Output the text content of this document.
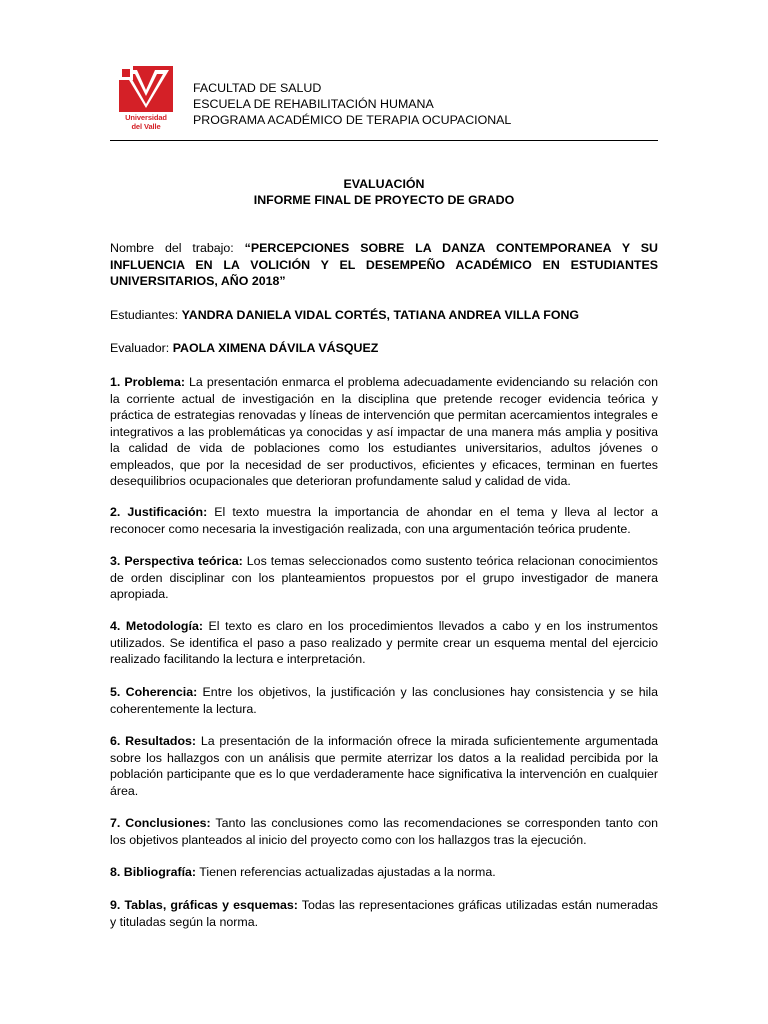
Universidad
del Valle
FACULTAD DE SALUD
ESCUELA DE REHABILITACIÓN HUMANA
PROGRAMA ACADÉMICO DE TERAPIA OCUPACIONAL
EVALUACIÓN
INFORME FINAL DE PROYECTO DE GRADO
Nombre del trabajo: “PERCEPCIONES SOBRE LA DANZA CONTEMPORANEA Y SU INFLUENCIA EN LA VOLICIÓN Y EL DESEMPEÑO ACADÉMICO EN ESTUDIANTES UNIVERSITARIOS, AÑO 2018”
Estudiantes: YANDRA DANIELA VIDAL CORTÉS, TATIANA ANDREA VILLA FONG
Evaluador: PAOLA XIMENA DÁVILA VÁSQUEZ
1. Problema: La presentación enmarca el problema adecuadamente evidenciando su relación con la corriente actual de investigación en la disciplina que pretende recoger evidencia teórica y práctica de estrategias renovadas y líneas de intervención que permitan acercamientos integrales e integrativos a las problemáticas ya conocidas y así impactar de una manera más amplia y positiva la calidad de vida de poblaciones como los estudiantes universitarios, adultos jóvenes o empleados, que por la necesidad de ser productivos, eficientes y eficaces, terminan en fuertes desequilibrios ocupacionales que deterioran profundamente salud y calidad de vida.
2. Justificación: El texto muestra la importancia de ahondar en el tema y lleva al lector a reconocer como necesaria la investigación realizada, con una argumentación teórica prudente.
3. Perspectiva teórica: Los temas seleccionados como sustento teórica relacionan conocimientos de orden disciplinar con los planteamientos propuestos por el grupo investigador de manera apropiada.
4. Metodología: El texto es claro en los procedimientos llevados a cabo y en los instrumentos utilizados. Se identifica el paso a paso realizado y permite crear un esquema mental del ejercicio realizado facilitando la lectura e interpretación.
5. Coherencia: Entre los objetivos, la justificación y las conclusiones hay consistencia y se hila coherentemente la lectura.
6. Resultados: La presentación de la información ofrece la mirada suficientemente argumentada sobre los hallazgos con un análisis que permite aterrizar los datos a la realidad percibida por la población participante que es lo que verdaderamente hace significativa la intervención en cualquier área.
7. Conclusiones: Tanto las conclusiones como las recomendaciones se corresponden tanto con los objetivos planteados al inicio del proyecto como con los hallazgos tras la ejecución.
8. Bibliografía: Tienen referencias actualizadas ajustadas a la norma.
9. Tablas, gráficas y esquemas: Todas las representaciones gráficas utilizadas están numeradas y tituladas según la norma.
